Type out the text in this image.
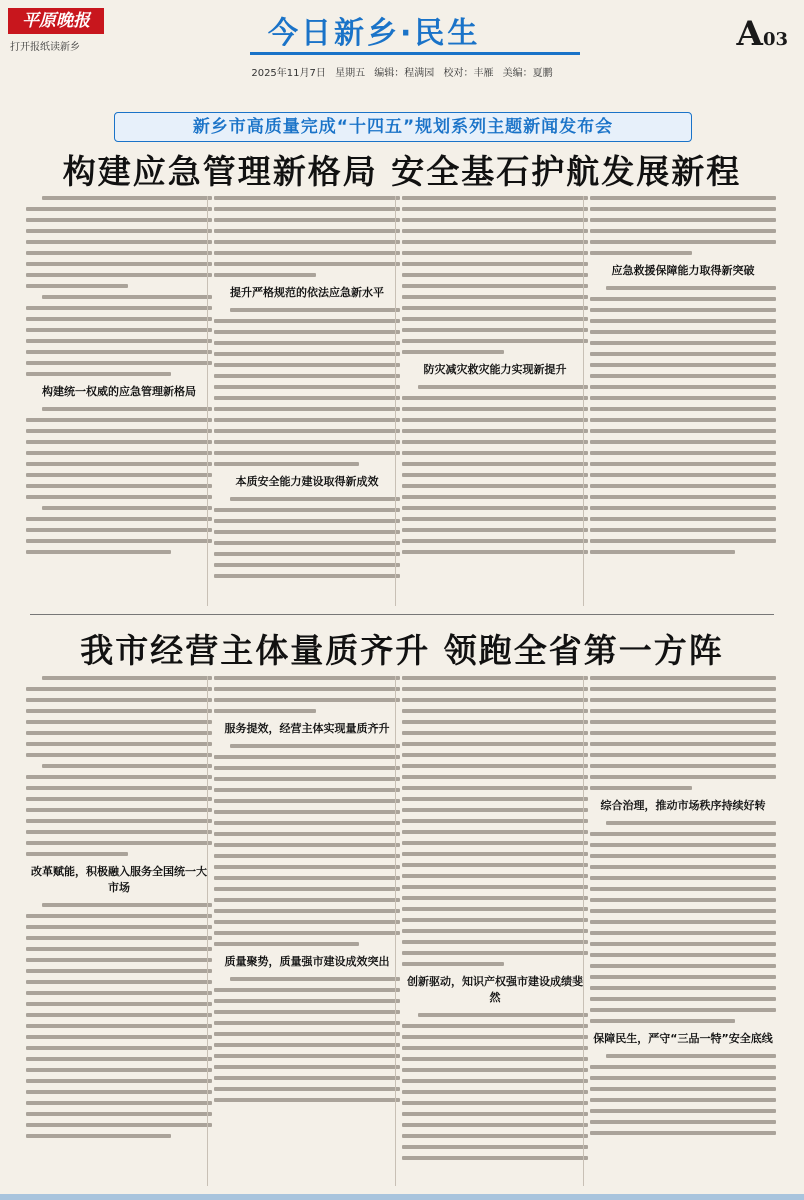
平原晚报
打开报纸读新乡	今日新乡·民生	A03
2025年11月7日 星期五 编辑：程满园 校对：丰雁 美编：夏鹏
新乡市高质量完成“十四五”规划系列主题新闻发布会
构建应急管理新格局 安全基石护航发展新程
构建统一权威的应急管理新格局
提升严格规范的依法应急新水平
本质安全能力建设取得新成效
防灾减灾救灾能力实现新提升
应急救援保障能力取得新突破
我市经营主体量质齐升 领跑全省第一方阵
改革赋能，积极融入服务全国统一大市场
服务提效，经营主体实现量质齐升
质量聚势，质量强市建设成效突出
创新驱动，知识产权强市建设成绩斐然
综合治理，推动市场秩序持续好转
保障民生，严守“三品一特”安全底线
